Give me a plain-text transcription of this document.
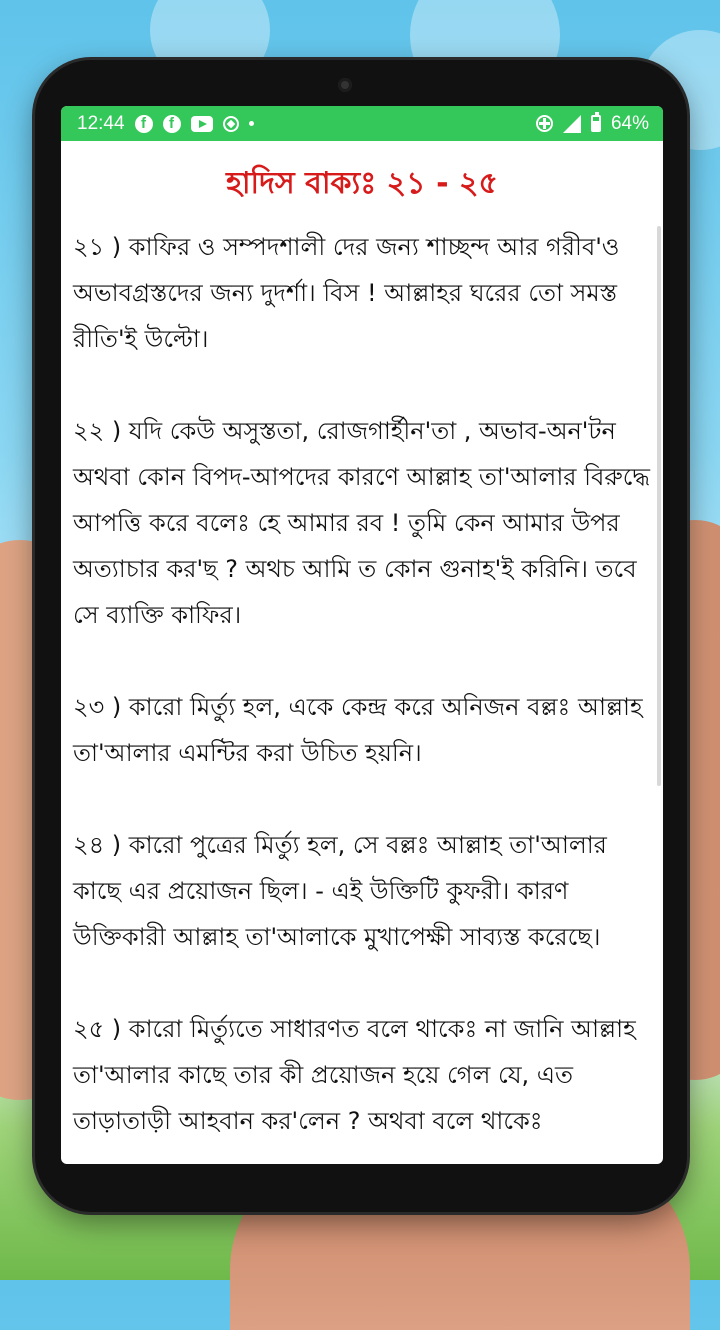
12:44	f	f	64%
হাদিস বাক্যঃ ২১ - ২৫

২১ ) কাফির ও সম্পদশালী দের জন্য শাচ্ছন্দ আর গরীব'ও অভাবগ্রস্তদের জন্য দুদর্শা। বিস ! আল্লাহর ঘরের তো সমস্ত রীতি'ই উল্টো।

২২ ) যদি কেউ অসুস্ততা, রোজগার্হীন'তা , অভাব-অন'টন অথবা কোন বিপদ-আপদের কারণে আল্লাহ তা'আলার বিরুদ্ধে আপত্তি করে বলেঃ হে আমার রব ! তুমি কেন আমার উপর অত্যাচার কর'ছ ? অথচ আমি ত কোন গুনাহ'ই করিনি। তবে সে ব্যাক্তি কাফির।

২৩ ) কারো মির্ত্যু হল, একে কেন্দ্র করে অনিজন বল্লঃ আল্লাহ তা'আলার এমন্টির করা উচিত হয়নি।

২৪ ) কারো পুত্রের মির্ত্যু হল, সে বল্লঃ আল্লাহ তা'আলার কাছে এর প্রয়োজন ছিল। - এই উক্তিটি কুফরী। কারণ উক্তিকারী আল্লাহ তা'আলাকে মুখাপেক্ষী সাব্যস্ত করেছে।

২৫ ) কারো মির্ত্যুতে সাধারণত বলে থাকেঃ না জানি আল্লাহ তা'আলার কাছে তার কী প্রয়োজন হয়ে গেল যে, এত তাড়াতাড়ী আহবান কর'লেন ? অথবা বলে থাকেঃ
